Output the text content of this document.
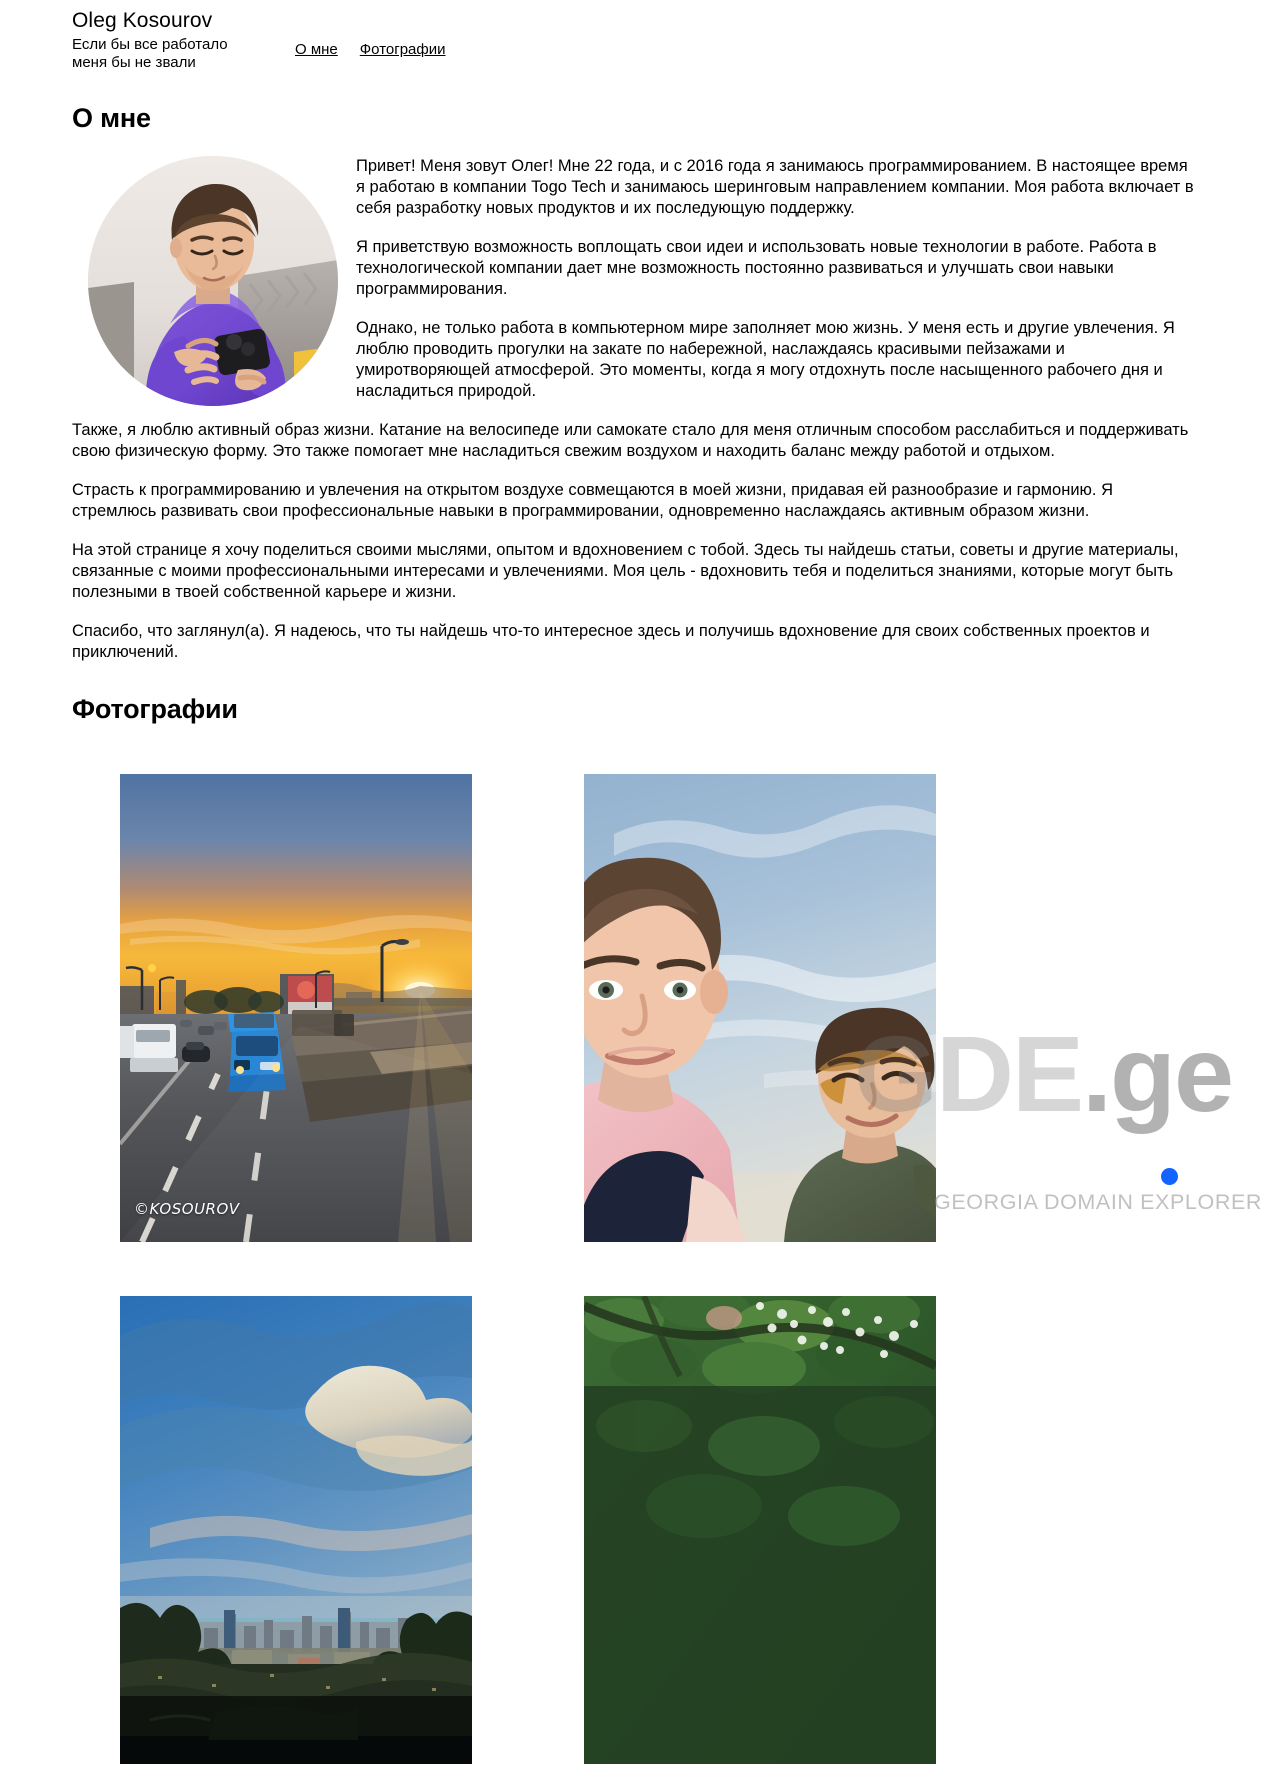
Oleg Kosourov
Если бы все работало меня бы не звали
О мне Фотографии
О мне

Привет! Меня зовут Олег! Мне 22 года, и с 2016 года я занимаюсь программированием. В настоящее время я работаю в компании Togo Tech и занимаюсь шеринговым направлением компании. Моя работа включает в себя разработку новых продуктов и их последующую поддержку.

Я приветствую возможность воплощать свои идеи и использовать новые технологии в работе. Работа в технологической компании дает мне возможность постоянно развиваться и улучшать свои навыки программирования.

Однако, не только работа в компьютерном мире заполняет мою жизнь. У меня есть и другие увлечения. Я люблю проводить прогулки на закате по набережной, наслаждаясь красивыми пейзажами и умиротворяющей атмосферой. Это моменты, когда я могу отдохнуть после насыщенного рабочего дня и насладиться природой.

Также, я люблю активный образ жизни. Катание на велосипеде или самокате стало для меня отличным способом расслабиться и поддерживать свою физическую форму. Это также помогает мне насладиться свежим воздухом и находить баланс между работой и отдыхом.

Страсть к программированию и увлечения на открытом воздухе совмещаются в моей жизни, придавая ей разнообразие и гармонию. Я стремлюсь развивать свои профессиональные навыки в программировании, одновременно наслаждаясь активным образом жизни.

На этой странице я хочу поделиться своими мыслями, опытом и вдохновением с тобой. Здесь ты найдешь статьи, советы и другие материалы, связанные с моими профессиональными интересами и увлечениями. Моя цель - вдохновить тебя и поделиться знаниями, которые могут быть полезными в твоей собственной карьере и жизни.

Спасибо, что заглянул(а). Я надеюсь, что ты найдешь что-то интересное здесь и получишь вдохновение для своих собственных проектов и приключений.

Фотографии
©KOSOUROV
GDE.ge
GEORGIA DOMAIN EXPLORER
